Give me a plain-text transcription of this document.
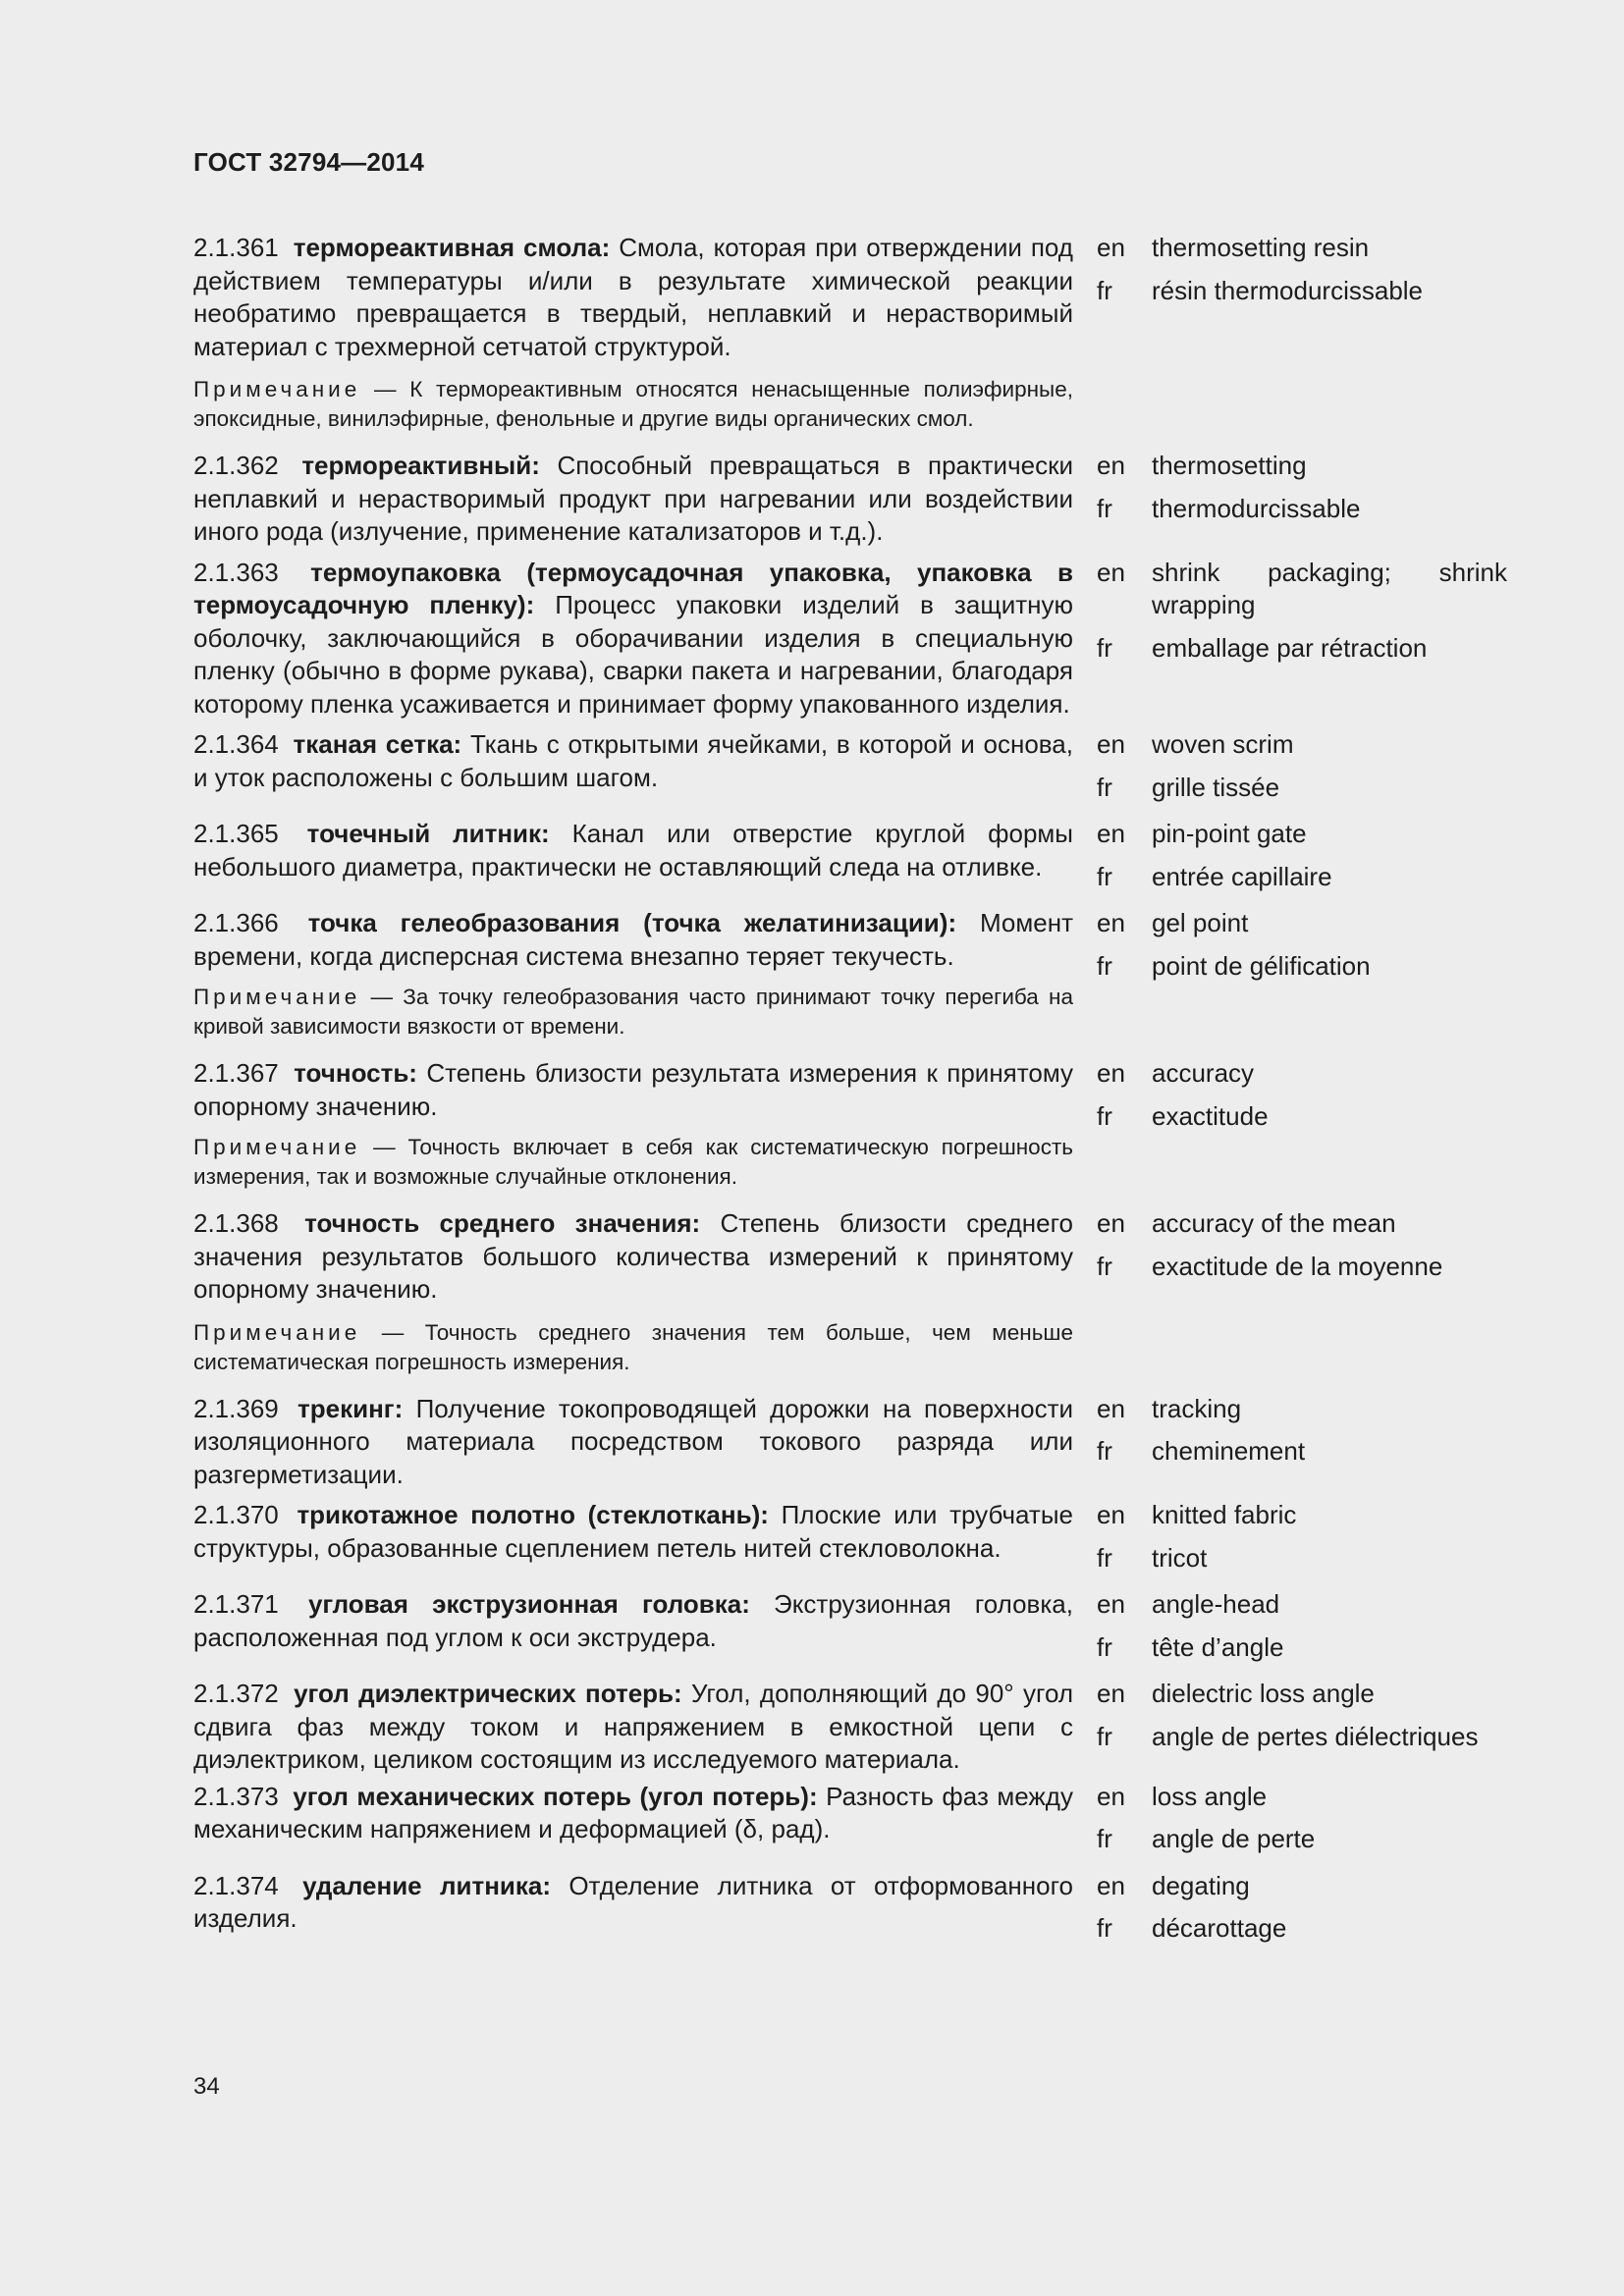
ГОСТ 32794—2014
2.1.361 термореактивная смола: Смола, которая при отверждении под действием температуры и/или в результате химической реакции необратимо превращается в твердый, неплавкий и нерастворимый материал с трехмерной сетчатой структурой.
Примечание — К термореактивным относятся ненасыщенные полиэфирные, эпоксидные, винилэфирные, фенольные и другие виды органических смол.
en	thermosetting resin
fr	résin thermodurcissable
2.1.362 термореактивный: Способный превращаться в практически неплавкий и нерастворимый продукт при нагревании или воздействии иного рода (излучение, применение катализаторов и т.д.).
en	thermosetting
fr	thermodurcissable
2.1.363 термоупаковка (термоусадочная упаковка, упаковка в термоусадочную пленку): Процесс упаковки изделий в защитную оболочку, заключающийся в оборачивании изделия в специальную пленку (обычно в форме рукава), сварки пакета и нагревании, благодаря которому пленка усаживается и принимает форму упакованного изделия.
en	shrink packaging; shrink wrapping
fr	emballage par rétraction
2.1.364 тканая сетка: Ткань с открытыми ячейками, в которой и основа, и уток расположены с большим шагом.
en	woven scrim
fr	grille tissée
2.1.365 точечный литник: Канал или отверстие круглой формы небольшого диаметра, практически не оставляющий следа на отливке.
en	pin-point gate
fr	entrée capillaire
2.1.366 точка гелеобразования (точка желатинизации): Момент времени, когда дисперсная система внезапно теряет текучесть.
Примечание — За точку гелеобразования часто принимают точку перегиба на кривой зависимости вязкости от времени.
en	gel point
fr	point de gélification
2.1.367 точность: Степень близости результата измерения к принятому опорному значению.
Примечание — Точность включает в себя как систематическую погрешность измерения, так и возможные случайные отклонения.
en	accuracy
fr	exactitude
2.1.368 точность среднего значения: Степень близости среднего значения результатов большого количества измерений к принятому опорному значению.
Примечание — Точность среднего значения тем больше, чем меньше систематическая погрешность измерения.
en	accuracy of the mean
fr	exactitude de la moyenne
2.1.369 трекинг: Получение токопроводящей дорожки на поверхности изоляционного материала посредством токового разряда или разгерметизации.
en	tracking
fr	cheminement
2.1.370 трикотажное полотно (стеклоткань): Плоские или трубчатые структуры, образованные сцеплением петель нитей стекловолокна.
en	knitted fabric
fr	tricot
2.1.371 угловая экструзионная головка: Экструзионная головка, расположенная под углом к оси экструдера.
en	angle-head
fr	tête d’angle
2.1.372 угол диэлектрических потерь: Угол, дополняющий до 90° угол сдвига фаз между током и напряжением в емкостной цепи с диэлектриком, целиком состоящим из исследуемого материала.
en	dielectric loss angle
fr	angle de pertes diélectriques
2.1.373 угол механических потерь (угол потерь): Разность фаз между механическим напряжением и деформацией (δ, рад).
en	loss angle
fr	angle de perte
2.1.374 удаление литника: Отделение литника от отформованного изделия.
en	degating
fr	décarottage
34
